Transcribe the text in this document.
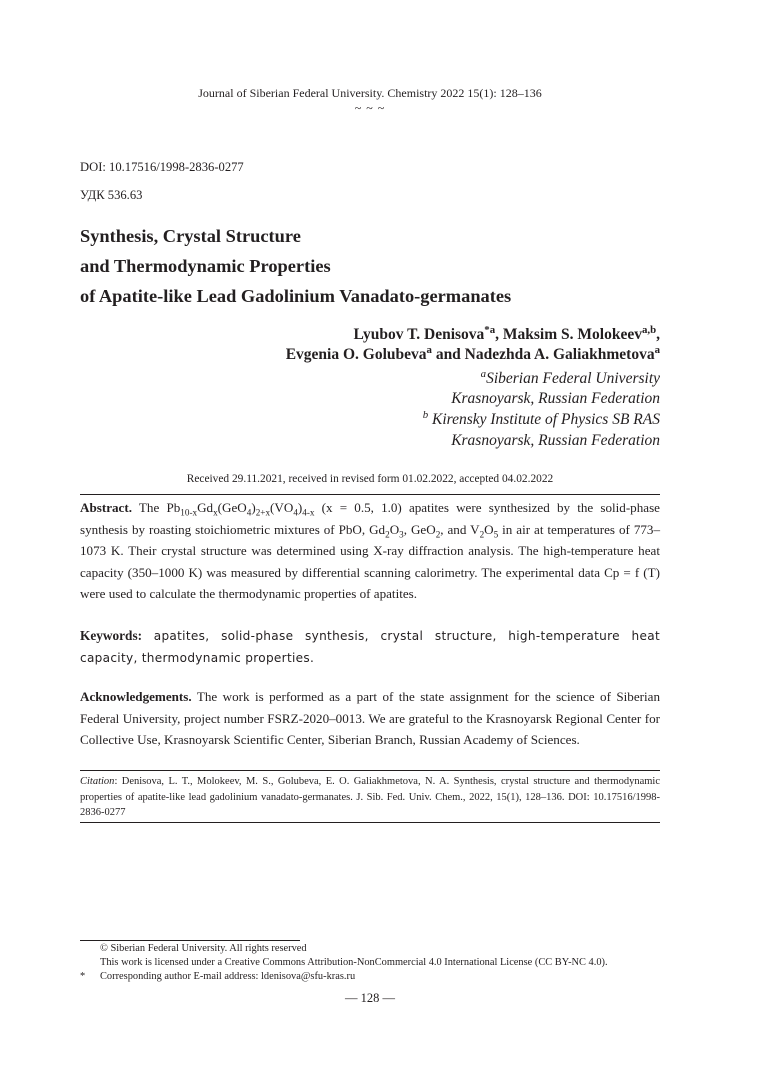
Journal of Siberian Federal University. Chemistry 2022 15(1): 128–136
~ ~ ~
DOI: 10.17516/1998-2836-0277
УДК 536.63
Synthesis, Crystal Structure
and Thermodynamic Properties
of Apatite-like Lead Gadolinium Vanadato-germanates
Lyubov T. Denisova$^{*a}$, Maksim S. Molokeev$^{a,b}$,
Evgenia O. Golubeva$^a$ and Nadezhda A. Galiakhmetova$^a$
$^a$Siberian Federal University
Krasnoyarsk, Russian Federation
$^b$ Kirensky Institute of Physics SB RAS
Krasnoyarsk, Russian Federation
Received 29.11.2021, received in revised form 01.02.2022, accepted 04.02.2022
Abstract. The $Pb_{10-x}Gd_x(GeO_4)_{2+x}(VO_4)_{4-x}$ (x = 0.5, 1.0) apatites were synthesized by the solid-phase synthesis by roasting stoichiometric mixtures of PbO, $Gd_2O_3$, GeO$_2$, and $V_2O_5$ in air at temperatures of 773–1073 K. Their crystal structure was determined using X-ray diffraction analysis. The high-temperature heat capacity (350–1000 K) was measured by differential scanning calorimetry. The experimental data Cp = f (T) were used to calculate the thermodynamic properties of apatites.
Keywords: apatites, solid-phase synthesis, crystal structure, high-temperature heat capacity, thermodynamic properties.
Acknowledgements. The work is performed as a part of the state assignment for the science of Siberian Federal University, project number FSRZ-2020–0013. We are grateful to the Krasnoyarsk Regional Center for Collective Use, Krasnoyarsk Scientific Center, Siberian Branch, Russian Academy of Sciences.
Citation: Denisova, L. T., Molokeev, M. S., Golubeva, E. O. Galiakhmetova, N. A. Synthesis, crystal structure and thermodynamic properties of apatite-like lead gadolinium vanadato-germanates. J. Sib. Fed. Univ. Chem., 2022, 15(1), 128–136. DOI: 10.17516/1998-2836-0277
© Siberian Federal University. All rights reserved
This work is licensed under a Creative Commons Attribution-NonCommercial 4.0 International License (CC BY-NC 4.0).
* Corresponding author E-mail address: ldenisova@sfu-kras.ru
— 128 —
